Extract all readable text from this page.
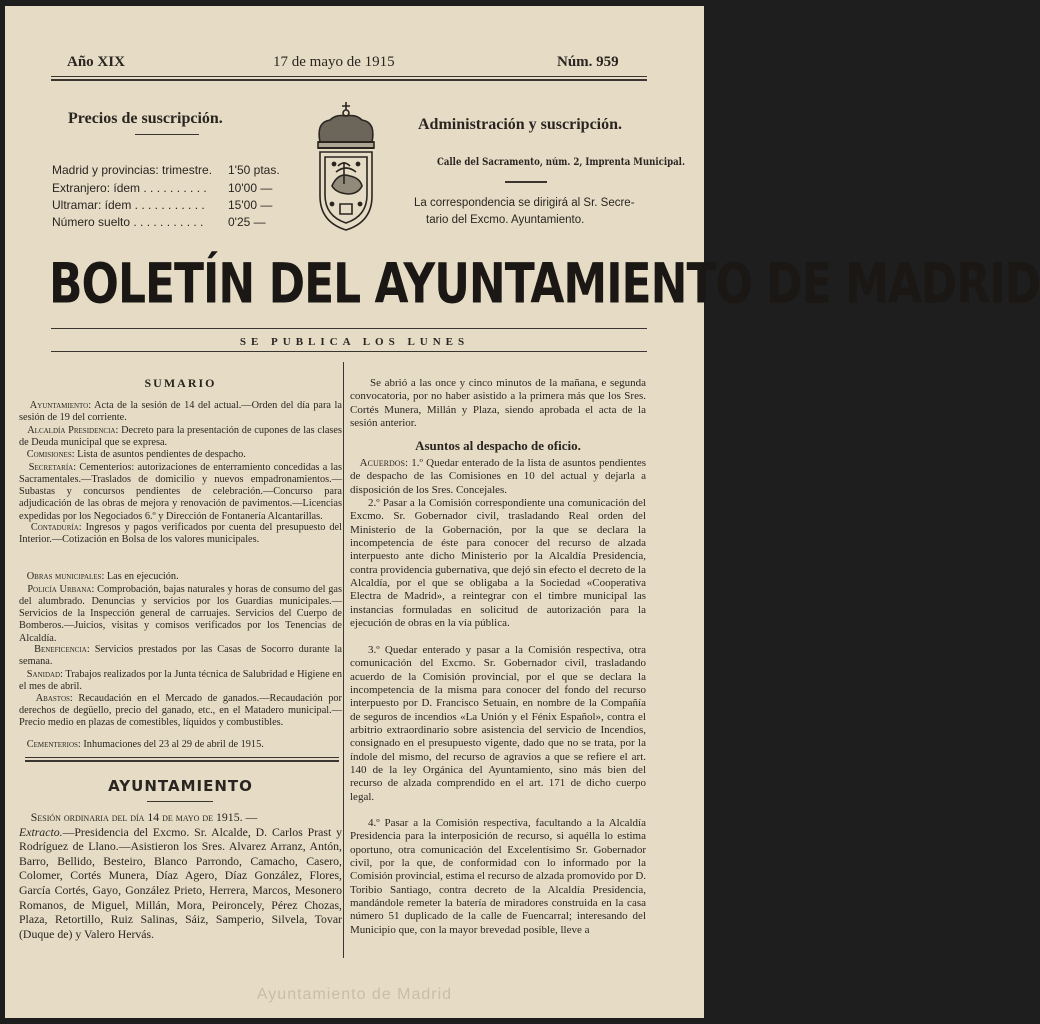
Año XIX	17 de mayo de 1915	Núm. 959
Precios de suscripción.
Madrid y provincias: trimestre. 1'50 ptas.
Extranjero: ídem . . . . . . . . . . 10'00 —
Ultramar: ídem . . . . . . . . . . . 15'00 —
Número suelto . . . . . . . . . . . 0'25 —
Administración y suscripción.
Calle del Sacramento, núm. 2, Imprenta Municipal.
La correspondencia se dirigirá al Sr. Secre-
tario del Excmo. Ayuntamiento.
BOLETÍN DEL AYUNTAMIENTO DE MADRID
SE PUBLICA LOS LUNES
SUMARIO
Ayuntamiento: Acta de la sesión de 14 del actual.—Orden del día para la sesión de 19 del corriente.
Alcaldía Presidencia: Decreto para la presentación de cupones de las clases de Deuda municipal que se expresa.
Comisiones: Lista de asuntos pendientes de despacho.
Secretaría: Cementerios: autorizaciones de enterramiento concedidas a las Sacramentales.—Traslados de domicilio y nuevos empadronamientos.—Subastas y concursos pendientes de celebración.—Concurso para adjudicación de las obras de mejora y renovación de pavimentos.—Licencias expedidas por los Negociados 6.º y Dirección de Fontanería Alcantarillas.
Contaduría: Ingresos y pagos verificados por cuenta del presupuesto del Interior.—Cotización en Bolsa de los valores municipales.
Obras municipales: Las en ejecución.
Policía Urbana: Comprobación, bajas naturales y horas de consumo del gas del alumbrado. Denuncias y servicios por los Guardias municipales.—Servicios de la Inspección general de carruajes. Servicios del Cuerpo de Bomberos.—Juicios, visitas y comisos verificados por los Tenencias de Alcaldía.
Beneficencia: Servicios prestados por las Casas de Socorro durante la semana.
Sanidad: Trabajos realizados por la Junta técnica de Salubridad e Higiene en el mes de abril.
Abastos: Recaudación en el Mercado de ganados.—Recaudación por derechos de degüello, precio del ganado, etc., en el Matadero municipal.—Precio medio en plazas de comestibles, líquidos y combustibles.
Cementerios: Inhumaciones del 23 al 29 de abril de 1915.
AYUNTAMIENTO
Sesión ordinaria del día 14 de mayo de 1915. —
Extracto.—Presidencia del Excmo. Sr. Alcalde, D. Carlos Prast y Rodríguez de Llano.—Asistieron los Sres. Alvarez Arranz, Antón, Barro, Bellido, Besteiro, Blanco Parrondo, Camacho, Casero, Colomer, Cortés Munera, Díaz Agero, Díaz González, Flores, García Cortés, Gayo, González Prieto, Herrera, Marcos, Mesonero Romanos, de Miguel, Millán, Mora, Peironcely, Pérez Chozas, Plaza, Retortillo, Ruiz Salinas, Sáiz, Samperio, Silvela, Tovar (Duque de) y Valero Hervás.
Se abrió a las once y cinco minutos de la mañana, e segunda convocatoria, por no haber asistido a la primera más que los Sres. Cortés Munera, Millán y Plaza, siendo aprobada el acta de la sesión anterior.
Asuntos al despacho de oficio.
Acuerdos: 1.º Quedar enterado de la lista de asuntos pendientes de despacho de las Comisiones en 10 del actual y dejarla a disposición de los Sres. Concejales.
2.º Pasar a la Comisión correspondiente una comunicación del Excmo. Sr. Gobernador civil, trasladando Real orden del Ministerio de la Gobernación, por la que se declara la incompetencia de éste para conocer del recurso de alzada interpuesto ante dicho Ministerio por la Alcaldía Presidencia, contra providencia gubernativa, que dejó sin efecto el decreto de la Alcaldía, por el que se obligaba a la Sociedad «Cooperativa Electra de Madrid», a reintegrar con el timbre municipal las instancias formuladas en solicitud de autorización para la ejecución de obras en la vía pública.
3.º Quedar enterado y pasar a la Comisión respectiva, otra comunicación del Excmo. Sr. Gobernador civil, trasladando acuerdo de la Comisión provincial, por el que se declara la incompetencia de la misma para conocer del fondo del recurso interpuesto por D. Francisco Setuain, en nombre de la Compañía de seguros de incendios «La Unión y el Fénix Español», contra el arbitrio extraordinario sobre asistencia del servicio de Incendios, consignado en el presupuesto vigente, dado que no se trata, por la índole del mismo, del recurso de agravios a que se refiere el art. 140 de la ley Orgánica del Ayuntamiento, sino más bien del recurso de alzada comprendido en el art. 171 de dicho cuerpo legal.
4.º Pasar a la Comisión respectiva, facultando a la Alcaldía Presidencia para la interposición de recurso, si aquélla lo estima oportuno, otra comunicación del Excelentísimo Sr. Gobernador civil, por la que, de conformidad con lo informado por la Comisión provincial, estima el recurso de alzada promovido por D. Toribio Santiago, contra decreto de la Alcaldía Presidencia, mandándole remeter la batería de miradores construida en la casa número 51 duplicado de la calle de Fuencarral; interesando del Municipio que, con la mayor brevedad posible, lleve a
Ayuntamiento de Madrid
